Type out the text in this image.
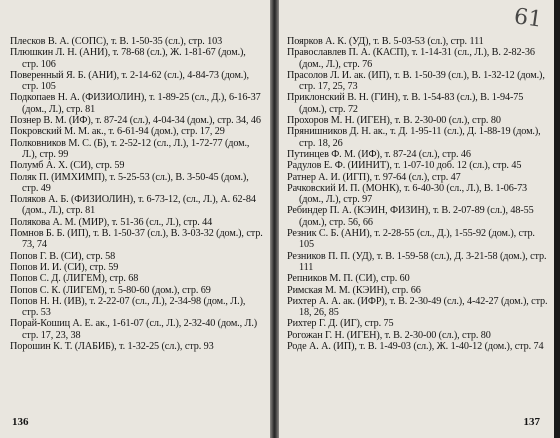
Плесков В. А. (СОПС), т. В. 1-50-35 (сл.), стр. 103
Плюшкин Л. Н. (АНИ), т. 78-68 (сл.), Ж. 1-81-67 (дом.), стр. 106
Поверенный Я. Б. (АНИ), т. 2-14-62 (сл.), 4-84-73 (дом.), стр. 105
Подкопаев Н. А. (ФИЗИОЛИН), т. 1-89-25 (сл., Д.), 6-16-37 (дом., Л.), стр. 81
Познер В. М. (ИФ), т. 87-24 (сл.), 4-04-34 (дом.), стр. 34, 46
Покровский М. М. ак., т. 6-61-94 (дом.), стр. 17, 29
Полковников М. С. (Б), т. 2-52-12 (сл., Л.), 1-72-77 (дом., Л.), стр. 99
Полумб А. Х. (СИ), стр. 59
Поляк П. (ИМХИМП), т. 5-25-53 (сл.), В. 3-50-45 (дом.), стр. 49
Поляков А. Б. (ФИЗИОЛИН), т. 6-73-12, (сл., Л.), А. 62-84 (дом., Л.), стр. 81
Полякова А. М. (МИР), т. 51-36 (сл., Л.), стр. 44
Помнов Б. Б. (ИП), т. В. 1-50-37 (сл.), В. 3-03-32 (дом.), стр. 73, 74
Попов Г. В. (СИ), стр. 58
Попов И. И. (СИ), стр. 59
Попов С. Д. (ЛИГЕМ), стр. 68
Попов С. К. (ЛИГЕМ), т. 5-80-60 (дом.), стр. 69
Попов Н. Н. (ИВ), т. 2-22-07 (сл., Л.), 2-34-98 (дом., Л.), стр. 53
Порай-Кошиц А. Е. ак., 1-61-07 (сл., Л.), 2-32-40 (дом., Л.) стр. 17, 23, 38
Порошин К. Т. (ЛАБИБ), т. 1-32-25 (сл.), стр. 93
136
61
Поярков А. К. (УД), т. В. 5-03-53 (сл.), стр. 111
Православлев П. А. (КАСП), т. 1-14-31 (сл., Л.), В. 2-82-36 (дом., Л.), стр. 76
Прасолов Л. И. ак. (ИП), т. В. 1-50-39 (сл.), В. 1-32-12 (дом.), стр. 17, 25, 73
Приклонский В. Н. (ГИН), т. В. 1-54-83 (сл.), В. 1-94-75 (дом.), стр. 72
Прохоров М. Н. (ИГЕН), т. В. 2-30-00 (сл.), стр. 80
Прянишников Д. Н. ак., т. Д. 1-95-11 (сл.), Д. 1-88-19 (дом.), стр. 18, 26
Путинцев Ф. М. (ИФ), т. 87-24 (сл.), стр. 46
Радулов Е. Ф. (ИИНИТ), т. 1-07-10 доб. 12 (сл.), стр. 45
Ратнер А. И. (ИГП), т. 97-64 (сл.), стр. 47
Рачковский И. П. (МОНК), т. 6-40-30 (сл., Л.), В. 1-06-73 (дом., Л.), стр. 97
Ребиндер П. А. (КЭИН, ФИЗИН), т. В. 2-07-89 (сл.), 48-55 (дом.), стр. 56, 66
Резник С. Б. (АНИ), т. 2-28-55 (сл., Д.), 1-55-92 (дом.), стр. 105
Резников П. П. (УД), т. В. 1-59-58 (сл.), Д. 3-21-58 (дом.), стр. 111
Репников М. П. (СИ), стр. 60
Римская М. М. (КЭИН), стр. 66
Рихтер А. А. ак. (ИФР), т. В. 2-30-49 (сл.), 4-42-27 (дом.), стр. 18, 26, 85
Рихтер Г. Д. (ИГ), стр. 75
Рогожан Г. Н. (ИГЕН), т. В. 2-30-00 (сл.), стр. 80
Роде А. А. (ИП), т. В. 1-49-03 (сл.), Ж. 1-40-12 (дом.), стр. 74
137
